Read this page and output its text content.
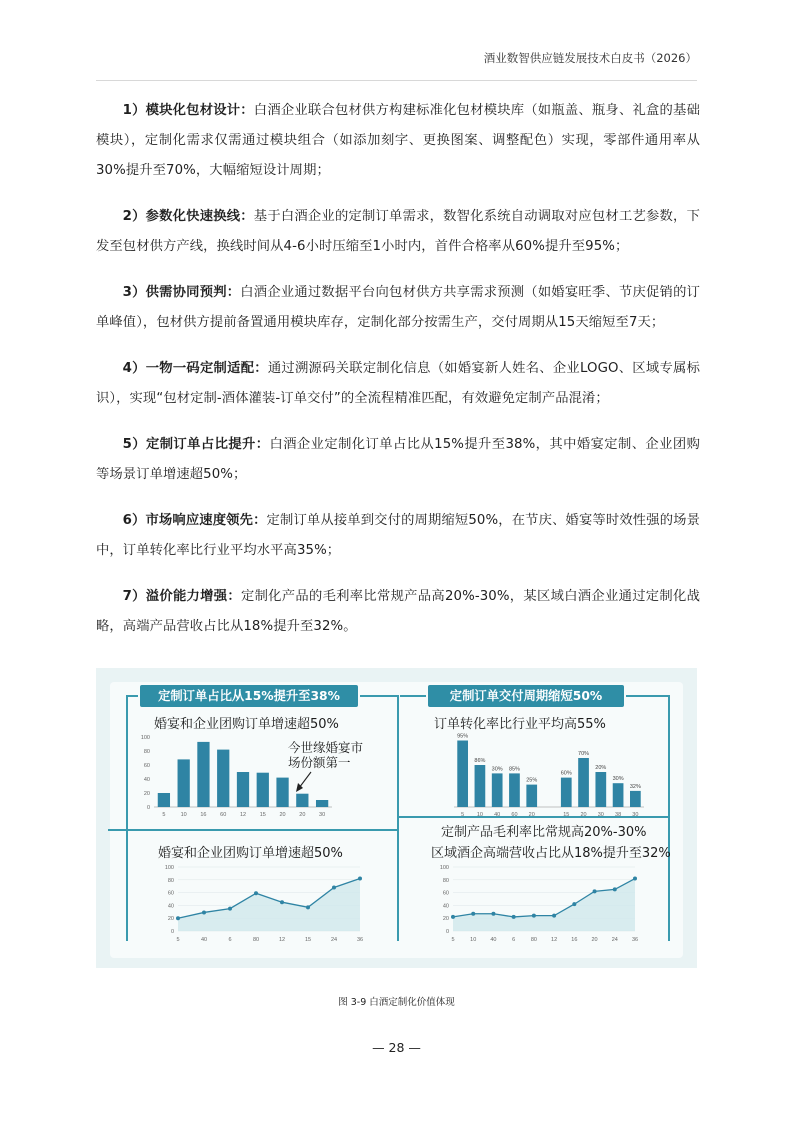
酒业数智供应链发展技术白皮书（2026）

1）模块化包材设计：白酒企业联合包材供方构建标准化包材模块库（如瓶盖、瓶身、礼盒的基础模块），定制化需求仅需通过模块组合（如添加刻字、更换图案、调整配色）实现，零部件通用率从30%提升至70%，大幅缩短设计周期；

2）参数化快速换线：基于白酒企业的定制订单需求，数智化系统自动调取对应包材工艺参数，下发至包材供方产线，换线时间从4-6小时压缩至1小时内，首件合格率从60%提升至95%；

3）供需协同预判：白酒企业通过数据平台向包材供方共享需求预测（如婚宴旺季、节庆促销的订单峰值），包材供方提前备置通用模块库存，定制化部分按需生产，交付周期从15天缩短至7天；

4）一物一码定制适配：通过溯源码关联定制化信息（如婚宴新人姓名、企业LOGO、区域专属标识），实现“包材定制-酒体灌装-订单交付”的全流程精准匹配，有效避免定制产品混淆；

5）定制订单占比提升：白酒企业定制化订单占比从15%提升至38%，其中婚宴定制、企业团购等场景订单增速超50%；

6）市场响应速度领先：定制订单从接单到交付的周期缩短50%，在节庆、婚宴等时效性强的场景中，订单转化率比行业平均水平高35%；

7）溢价能力增强：定制化产品的毛利率比常规产品高20%-30%，某区域白酒企业通过定制化战略，高端产品营收占比从18%提升至32%。

定制订单占比从15%提升至38%	定制订单交付周期缩短50%
婚宴和企业团购订单增速超50%	订单转化率比行业平均高55%
婚宴和企业团购订单增速超50%
定制产品毛利率比常规高20%-30%
区域酒企高端营收占比从18%提升至32%
今世缘婚宴市场份额第一
0
20
40
60
80
100
5	10 16 60 12 15 20 20 30
95%
5
86%
10
30%
40
85%
60
25%
20
60%
15
70%
20
20%
30
30%
38
32%
30
0
20
40
60
80
100
5	40	6	80	12	15	24	36
0
20
40
60
80
100
5	10	40	6	80	12	16	20	24	36
图 3-9 白酒定制化价值体现
— 28 —
